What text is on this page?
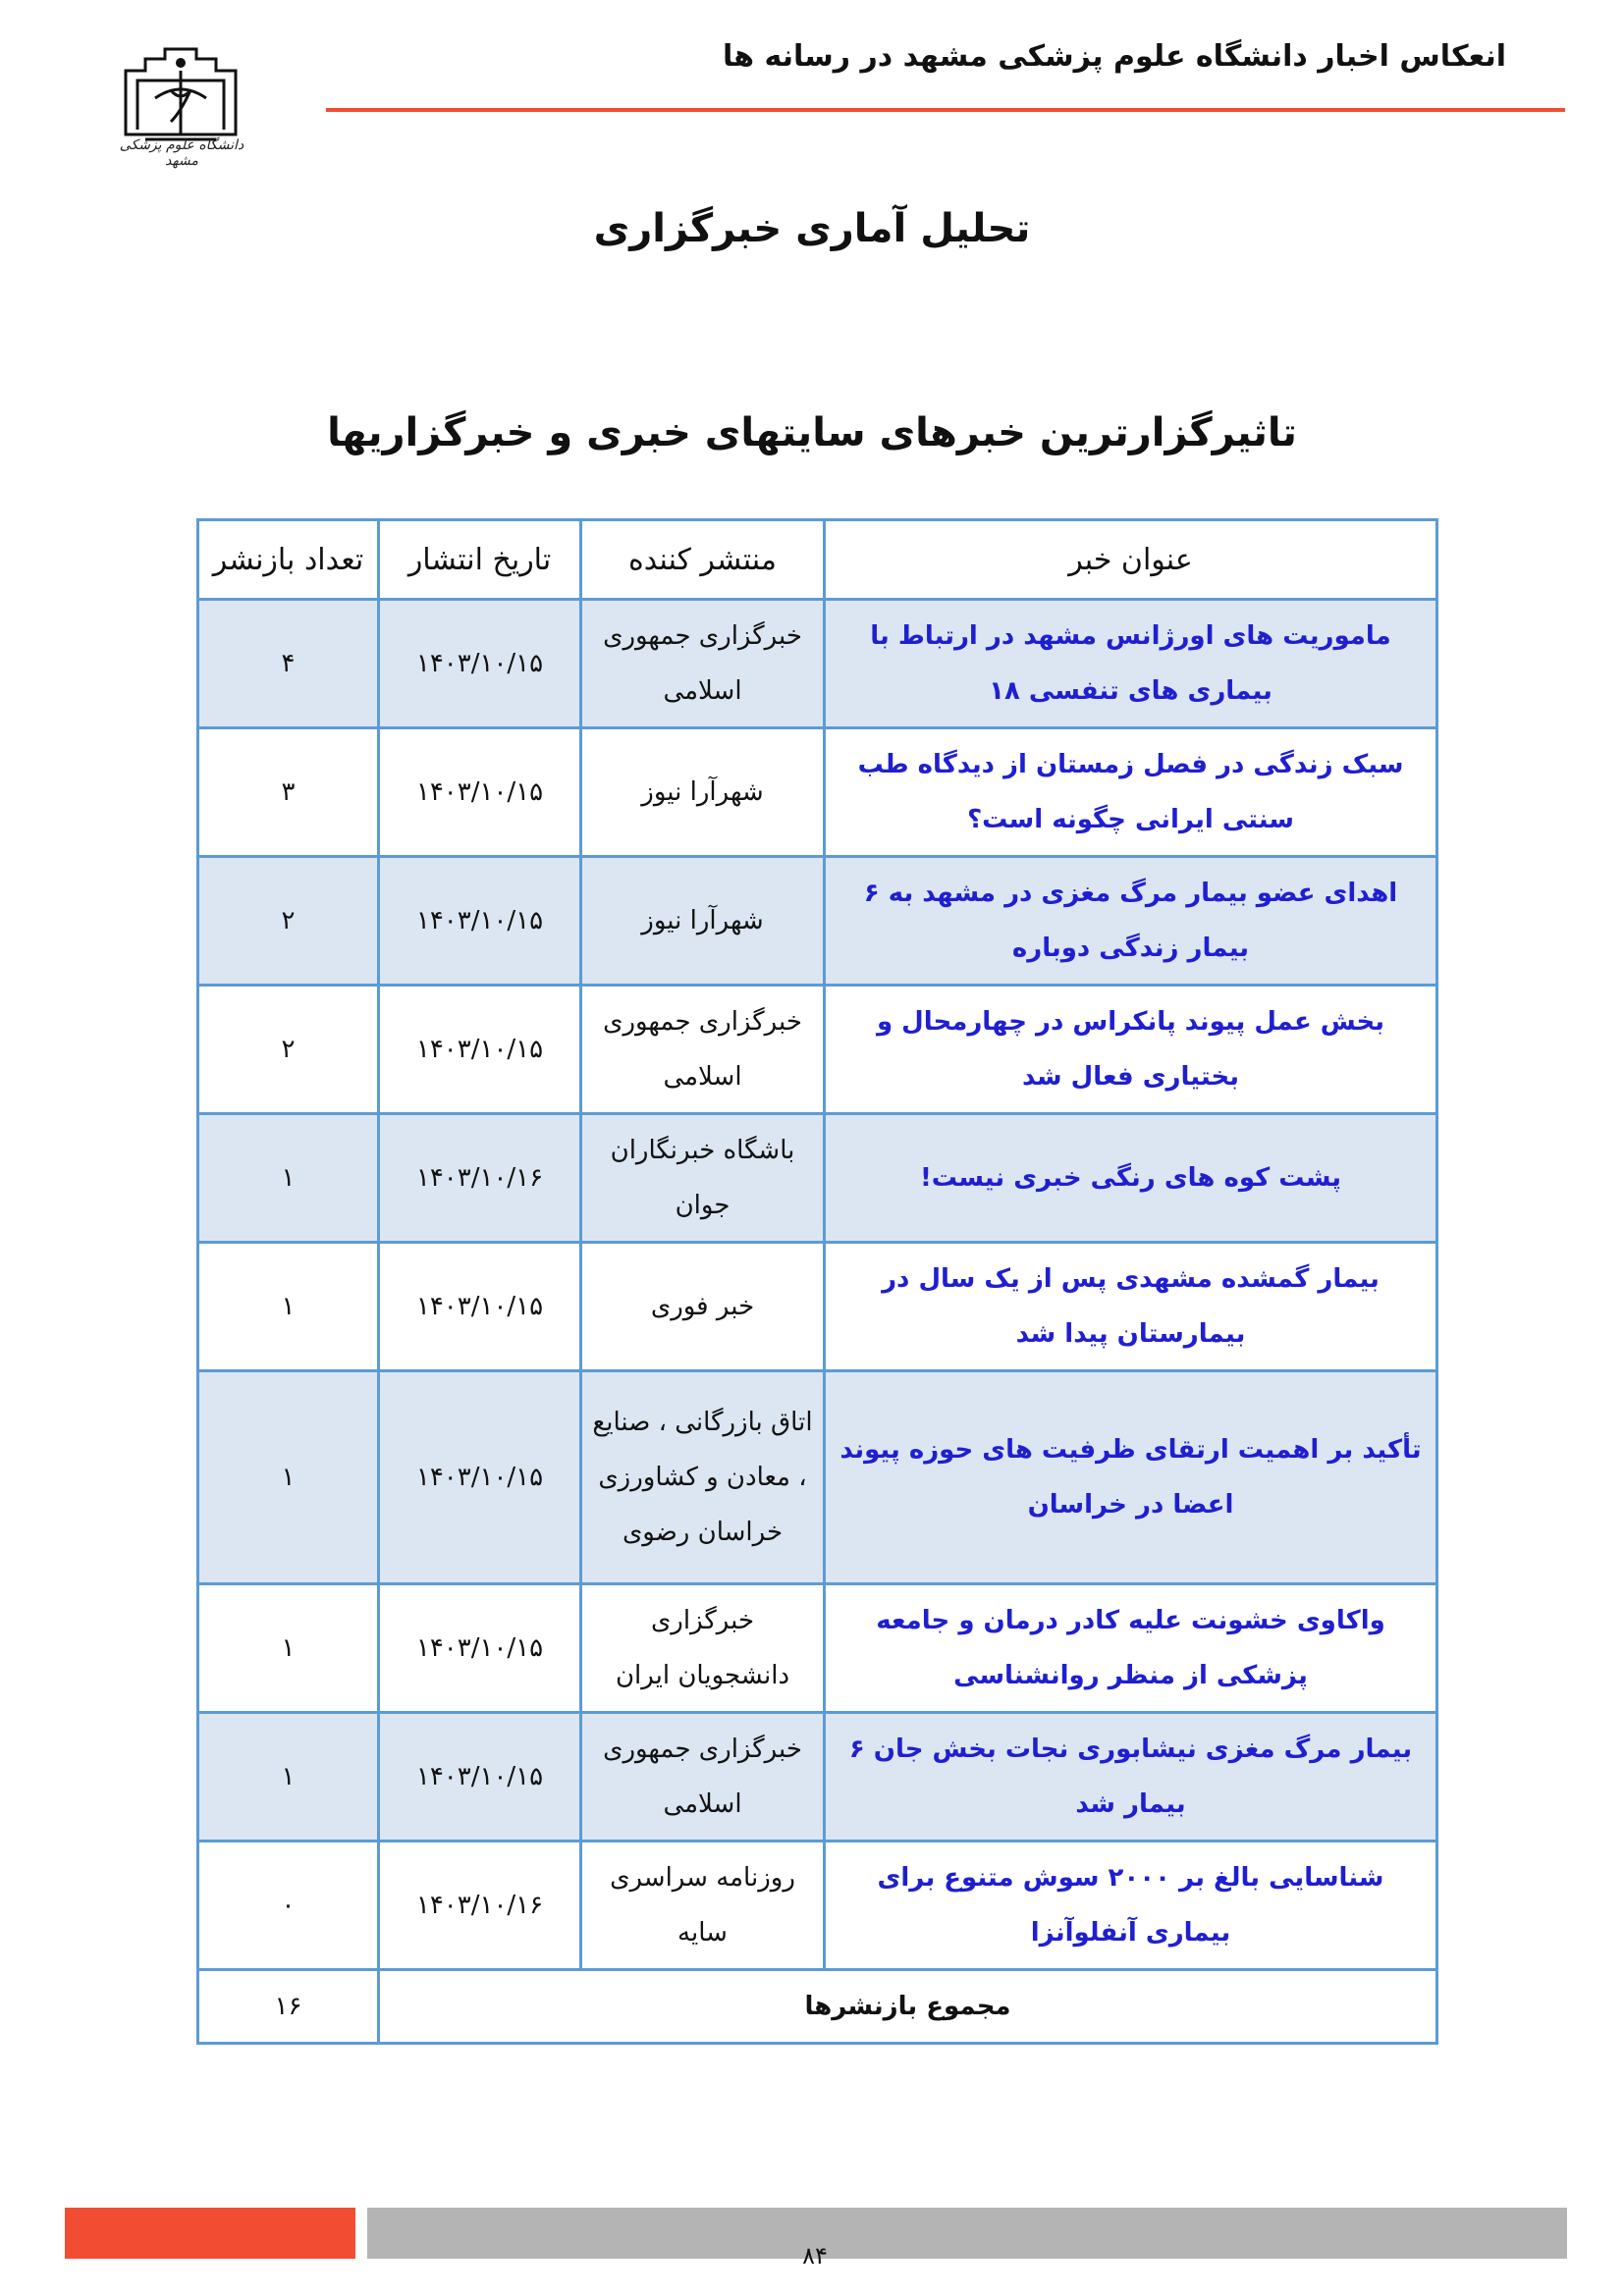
انعکاس اخبار دانشگاه علوم پزشکی مشهد در رسانه ها
دانشگاه علوم پزشکی مشهد
تحلیل آماری خبرگزاری
تاثیرگزارترین خبرهای سایتهای خبری و خبرگزاریها
عنوان خبر	منتشر کننده	تاریخ انتشار	تعداد بازنشر
ماموریت های اورژانس مشهد در ارتباط با بیماری های تنفسی ۱۸	خبرگزاری جمهوری اسلامی	۱۴۰۳/۱۰/۱۵	۴
سبک زندگی در فصل زمستان از دیدگاه طب سنتی ایرانی چگونه است؟	شهرآرا نیوز	۱۴۰۳/۱۰/۱۵	۳
اهدای عضو بیمار مرگ مغزی در مشهد به ۶ بیمار زندگی دوباره	شهرآرا نیوز	۱۴۰۳/۱۰/۱۵	۲
بخش عمل پیوند پانکراس در چهارمحال و بختیاری فعال شد	خبرگزاری جمهوری اسلامی	۱۴۰۳/۱۰/۱۵	۲
پشت کوه های رنگی خبری نیست!	باشگاه خبرنگاران جوان	۱۴۰۳/۱۰/۱۶	۱
بیمار گمشده مشهدی پس از یک سال در بیمارستان پیدا شد	خبر فوری	۱۴۰۳/۱۰/۱۵	۱
تأکید بر اهمیت ارتقای ظرفیت های حوزه پیوند اعضا در خراسان	اتاق بازرگانی ، صنایع ، معادن و کشاورزی خراسان رضوی	۱۴۰۳/۱۰/۱۵	۱
واکاوی خشونت علیه کادر درمان و جامعه پزشکی از منظر روانشناسی	خبرگزاری دانشجویان ایران	۱۴۰۳/۱۰/۱۵	۱
بیمار مرگ مغزی نیشابوری نجات بخش جان ۶ بیمار شد	خبرگزاری جمهوری اسلامی	۱۴۰۳/۱۰/۱۵	۱
شناسایی بالغ بر ۲۰۰۰ سوش متنوع برای بیماری آنفلوآنزا	روزنامه سراسری سایه	۱۴۰۳/۱۰/۱۶	۰
مجموع بازنشرها			۱۶
۸۴
